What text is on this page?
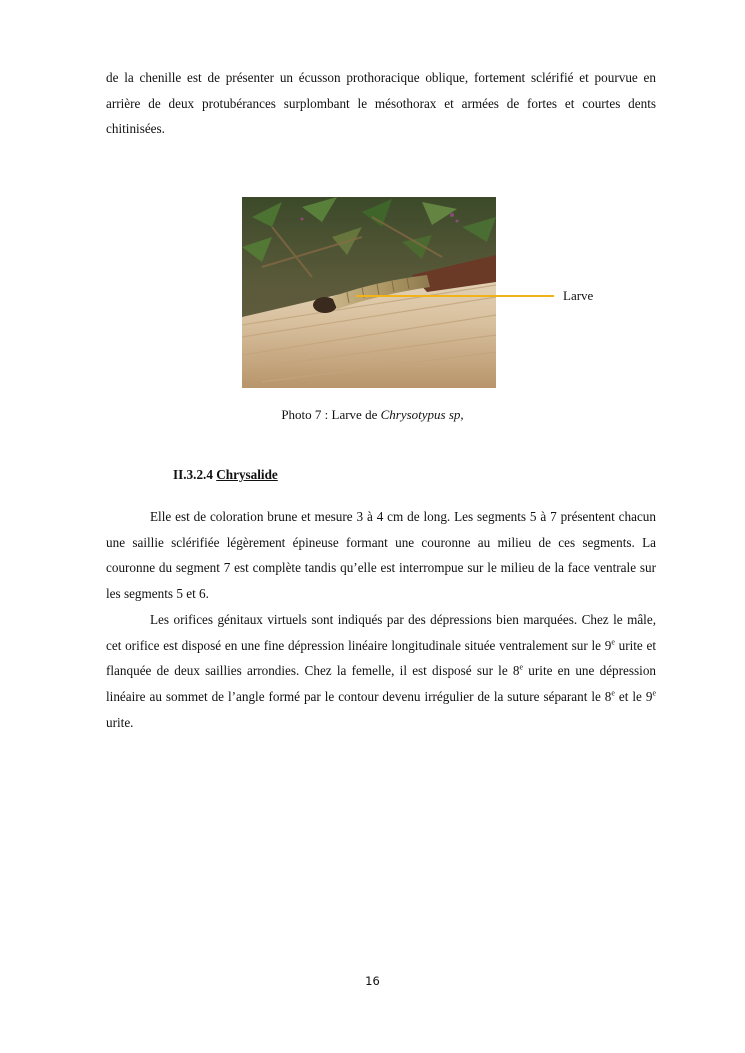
de la chenille est de présenter un écusson prothoracique oblique, fortement sclérifié et pourvue en arrière de deux protubérances surplombant le mésothorax et armées de fortes et courtes dents chitinisées.

Larve
Photo 7 : Larve de Chrysotypus sp,
II.3.2.4 Chrysalide

Elle est de coloration brune et mesure 3 à 4 cm de long. Les segments 5 à 7 présentent chacun une saillie sclérifiée légèrement épineuse formant une couronne au milieu de ces segments. La couronne du segment 7 est complète tandis qu’elle est interrompue sur le milieu de la face ventrale sur les segments 5 et 6.

Les orifices génitaux virtuels sont indiqués par des dépressions bien marquées. Chez le mâle, cet orifice est disposé en une fine dépression linéaire longitudinale située ventralement sur le 9e urite et flanquée de deux saillies arrondies. Chez la femelle, il est disposé sur le 8e urite en une dépression linéaire au sommet de l’angle formé par le contour devenu irrégulier de la suture séparant le 8e et le 9e urite.

16
